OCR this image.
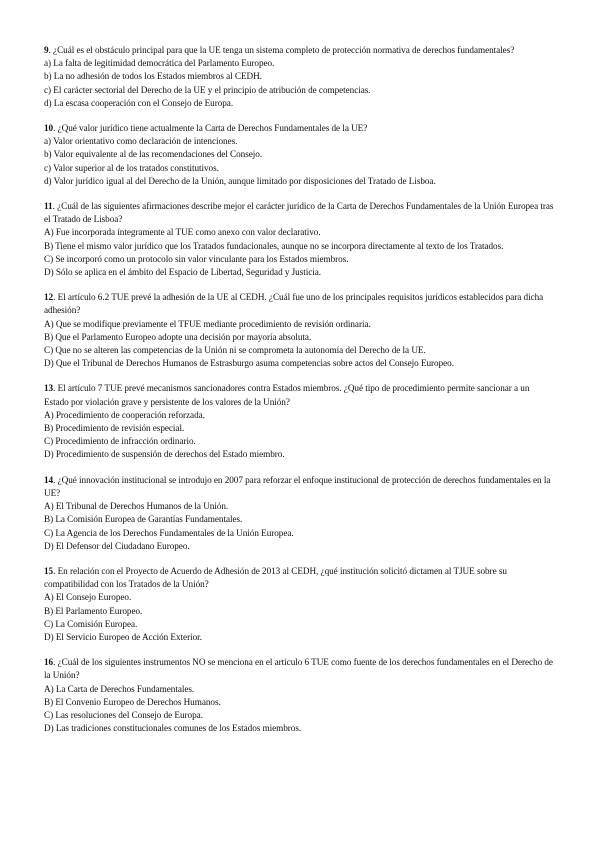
9. ¿Cuál es el obstáculo principal para que la UE tenga un sistema completo de protección normativa de derechos fundamentales?

a) La falta de legitimidad democrática del Parlamento Europeo.
b) La no adhesión de todos los Estados miembros al CEDH.
c) El carácter sectorial del Derecho de la UE y el principio de atribución de competencias.
d) La escasa cooperación con el Consejo de Europa.

10. ¿Qué valor jurídico tiene actualmente la Carta de Derechos Fundamentales de la UE?

a) Valor orientativo como declaración de intenciones.
b) Valor equivalente al de las recomendaciones del Consejo.
c) Valor superior al de los tratados constitutivos.
d) Valor jurídico igual al del Derecho de la Unión, aunque limitado por disposiciones del Tratado de Lisboa.

11. ¿Cuál de las siguientes afirmaciones describe mejor el carácter jurídico de la Carta de Derechos Fundamentales de la Unión Europea tras el Tratado de Lisboa?

A) Fue incorporada íntegramente al TUE como anexo con valor declarativo.
B) Tiene el mismo valor jurídico que los Tratados fundacionales, aunque no se incorpora directamente al texto de los Tratados.
C) Se incorporó como un protocolo sin valor vinculante para los Estados miembros.
D) Sólo se aplica en el ámbito del Espacio de Libertad, Seguridad y Justicia.

12. El artículo 6.2 TUE prevé la adhesión de la UE al CEDH. ¿Cuál fue uno de los principales requisitos jurídicos establecidos para dicha adhesión?

A) Que se modifique previamente el TFUE mediante procedimiento de revisión ordinaria.
B) Que el Parlamento Europeo adopte una decisión por mayoría absoluta.
C) Que no se alteren las competencias de la Unión ni se comprometa la autonomía del Derecho de la UE.
D) Que el Tribunal de Derechos Humanos de Estrasburgo asuma competencias sobre actos del Consejo Europeo.

13. El artículo 7 TUE prevé mecanismos sancionadores contra Estados miembros. ¿Qué tipo de procedimiento permite sancionar a un Estado por violación grave y persistente de los valores de la Unión?

A) Procedimiento de cooperación reforzada.
B) Procedimiento de revisión especial.
C) Procedimiento de infracción ordinario.
D) Procedimiento de suspensión de derechos del Estado miembro.

14. ¿Qué innovación institucional se introdujo en 2007 para reforzar el enfoque institucional de protección de derechos fundamentales en la UE?

A) El Tribunal de Derechos Humanos de la Unión.
B) La Comisión Europea de Garantías Fundamentales.
C) La Agencia de los Derechos Fundamentales de la Unión Europea.
D) El Defensor del Ciudadano Europeo.

15. En relación con el Proyecto de Acuerdo de Adhesión de 2013 al CEDH, ¿qué institución solicitó dictamen al TJUE sobre su compatibilidad con los Tratados de la Unión?

A) El Consejo Europeo.
B) El Parlamento Europeo.
C) La Comisión Europea.
D) El Servicio Europeo de Acción Exterior.

16. ¿Cuál de los siguientes instrumentos NO se menciona en el artículo 6 TUE como fuente de los derechos fundamentales en el Derecho de la Unión?

A) La Carta de Derechos Fundamentales.
B) El Convenio Europeo de Derechos Humanos.
C) Las resoluciones del Consejo de Europa.
D) Las tradiciones constitucionales comunes de los Estados miembros.
